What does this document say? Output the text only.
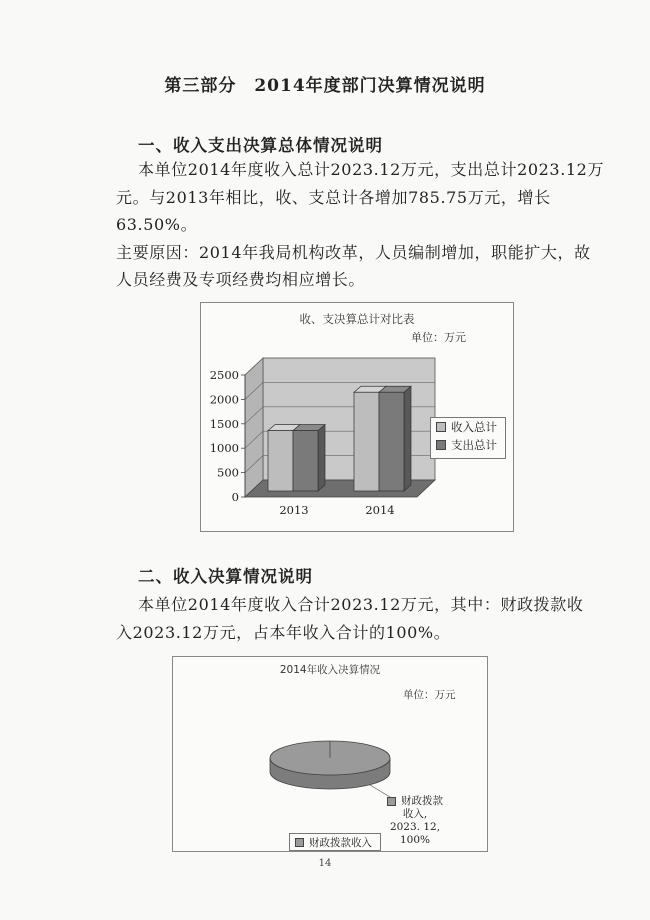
第三部分　2014年度部门决算情况说明
一、收入支出决算总体情况说明
本单位2014年度收入总计2023.12万元，支出总计2023.12万
元。与2013年相比，收、支总计各增加785.75万元，增长63.50%。
主要原因：2014年我局机构改革，人员编制增加，职能扩大，故
人员经费及专项经费均相应增长。
收、支决算总计对比表
单位：万元
0
500
1000
1500
2000
2500
2013	2014
收入总计
支出总计
二、收入决算情况说明
本单位2014年度收入合计2023.12万元，其中：财政拨款收
入2023.12万元，占本年收入合计的100%。
2014年收入决算情况
单位：万元
财政拨款
收入,
2023. 12,
100%
财政拨款收入
14
